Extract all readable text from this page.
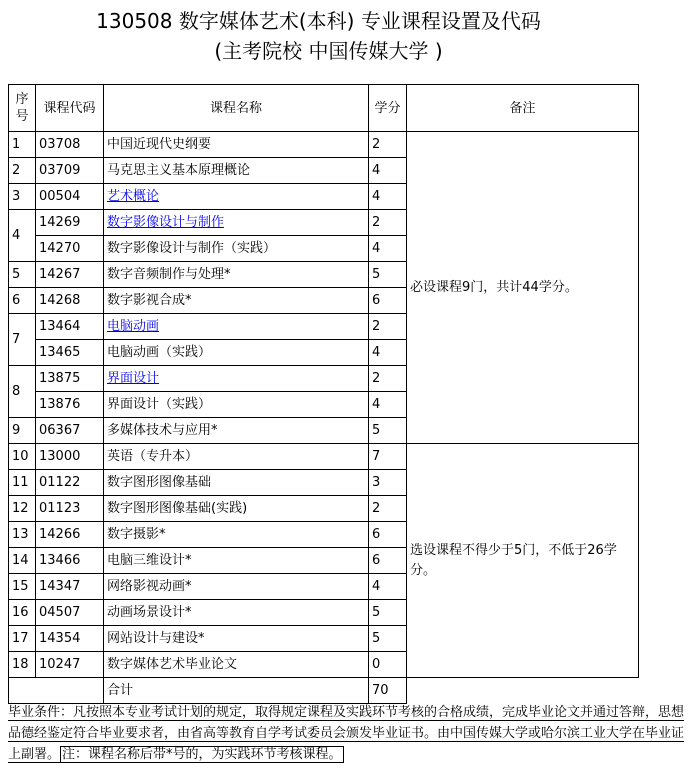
130508 数字媒体艺术(本科) 专业课程设置及代码
(主考院校 中国传媒大学 )
序号	课程代码	课程名称	学分	备注
1	03708	中国近现代史纲要	2	必设课程9门，共计44学分。
2	03709	马克思主义基本原理概论	4	
3	00504	艺术概论	4	
4	14269	数字影像设计与制作	2	
	14270	数字影像设计与制作（实践）	4	
5	14267	数字音频制作与处理*	5	
6	14268	数字影视合成*	6	
7	13464	电脑动画	2	
	13465	电脑动画（实践）	4	
8	13875	界面设计	2	
	13876	界面设计（实践）	4	
9	06367	多媒体技术与应用*	5	
10	13000	英语（专升本）	7	选设课程不得少于5门，不低于26学分。
11	01122	数字图形图像基础	3	
12	01123	数字图形图像基础(实践)	2	
13	14266	数字摄影*	6	
14	13466	电脑三维设计*	6	
15	14347	网络影视动画*	4	
16	04507	动画场景设计*	5	
17	14354	网站设计与建设*	5	
18	10247	数字媒体艺术毕业论文	0	
		合计	70	
毕业条件：凡按照本专业考试计划的规定，取得规定课程及实践环节考核的合格成绩，完成毕业论文并通过答辩，思想品德经鉴定符合毕业要求者，由省高等教育自学考试委员会颁发毕业证书。由中国传媒大学或哈尔滨工业大学在毕业证上副署。 注：课程名称后带*号的，为实践环节考核课程。
